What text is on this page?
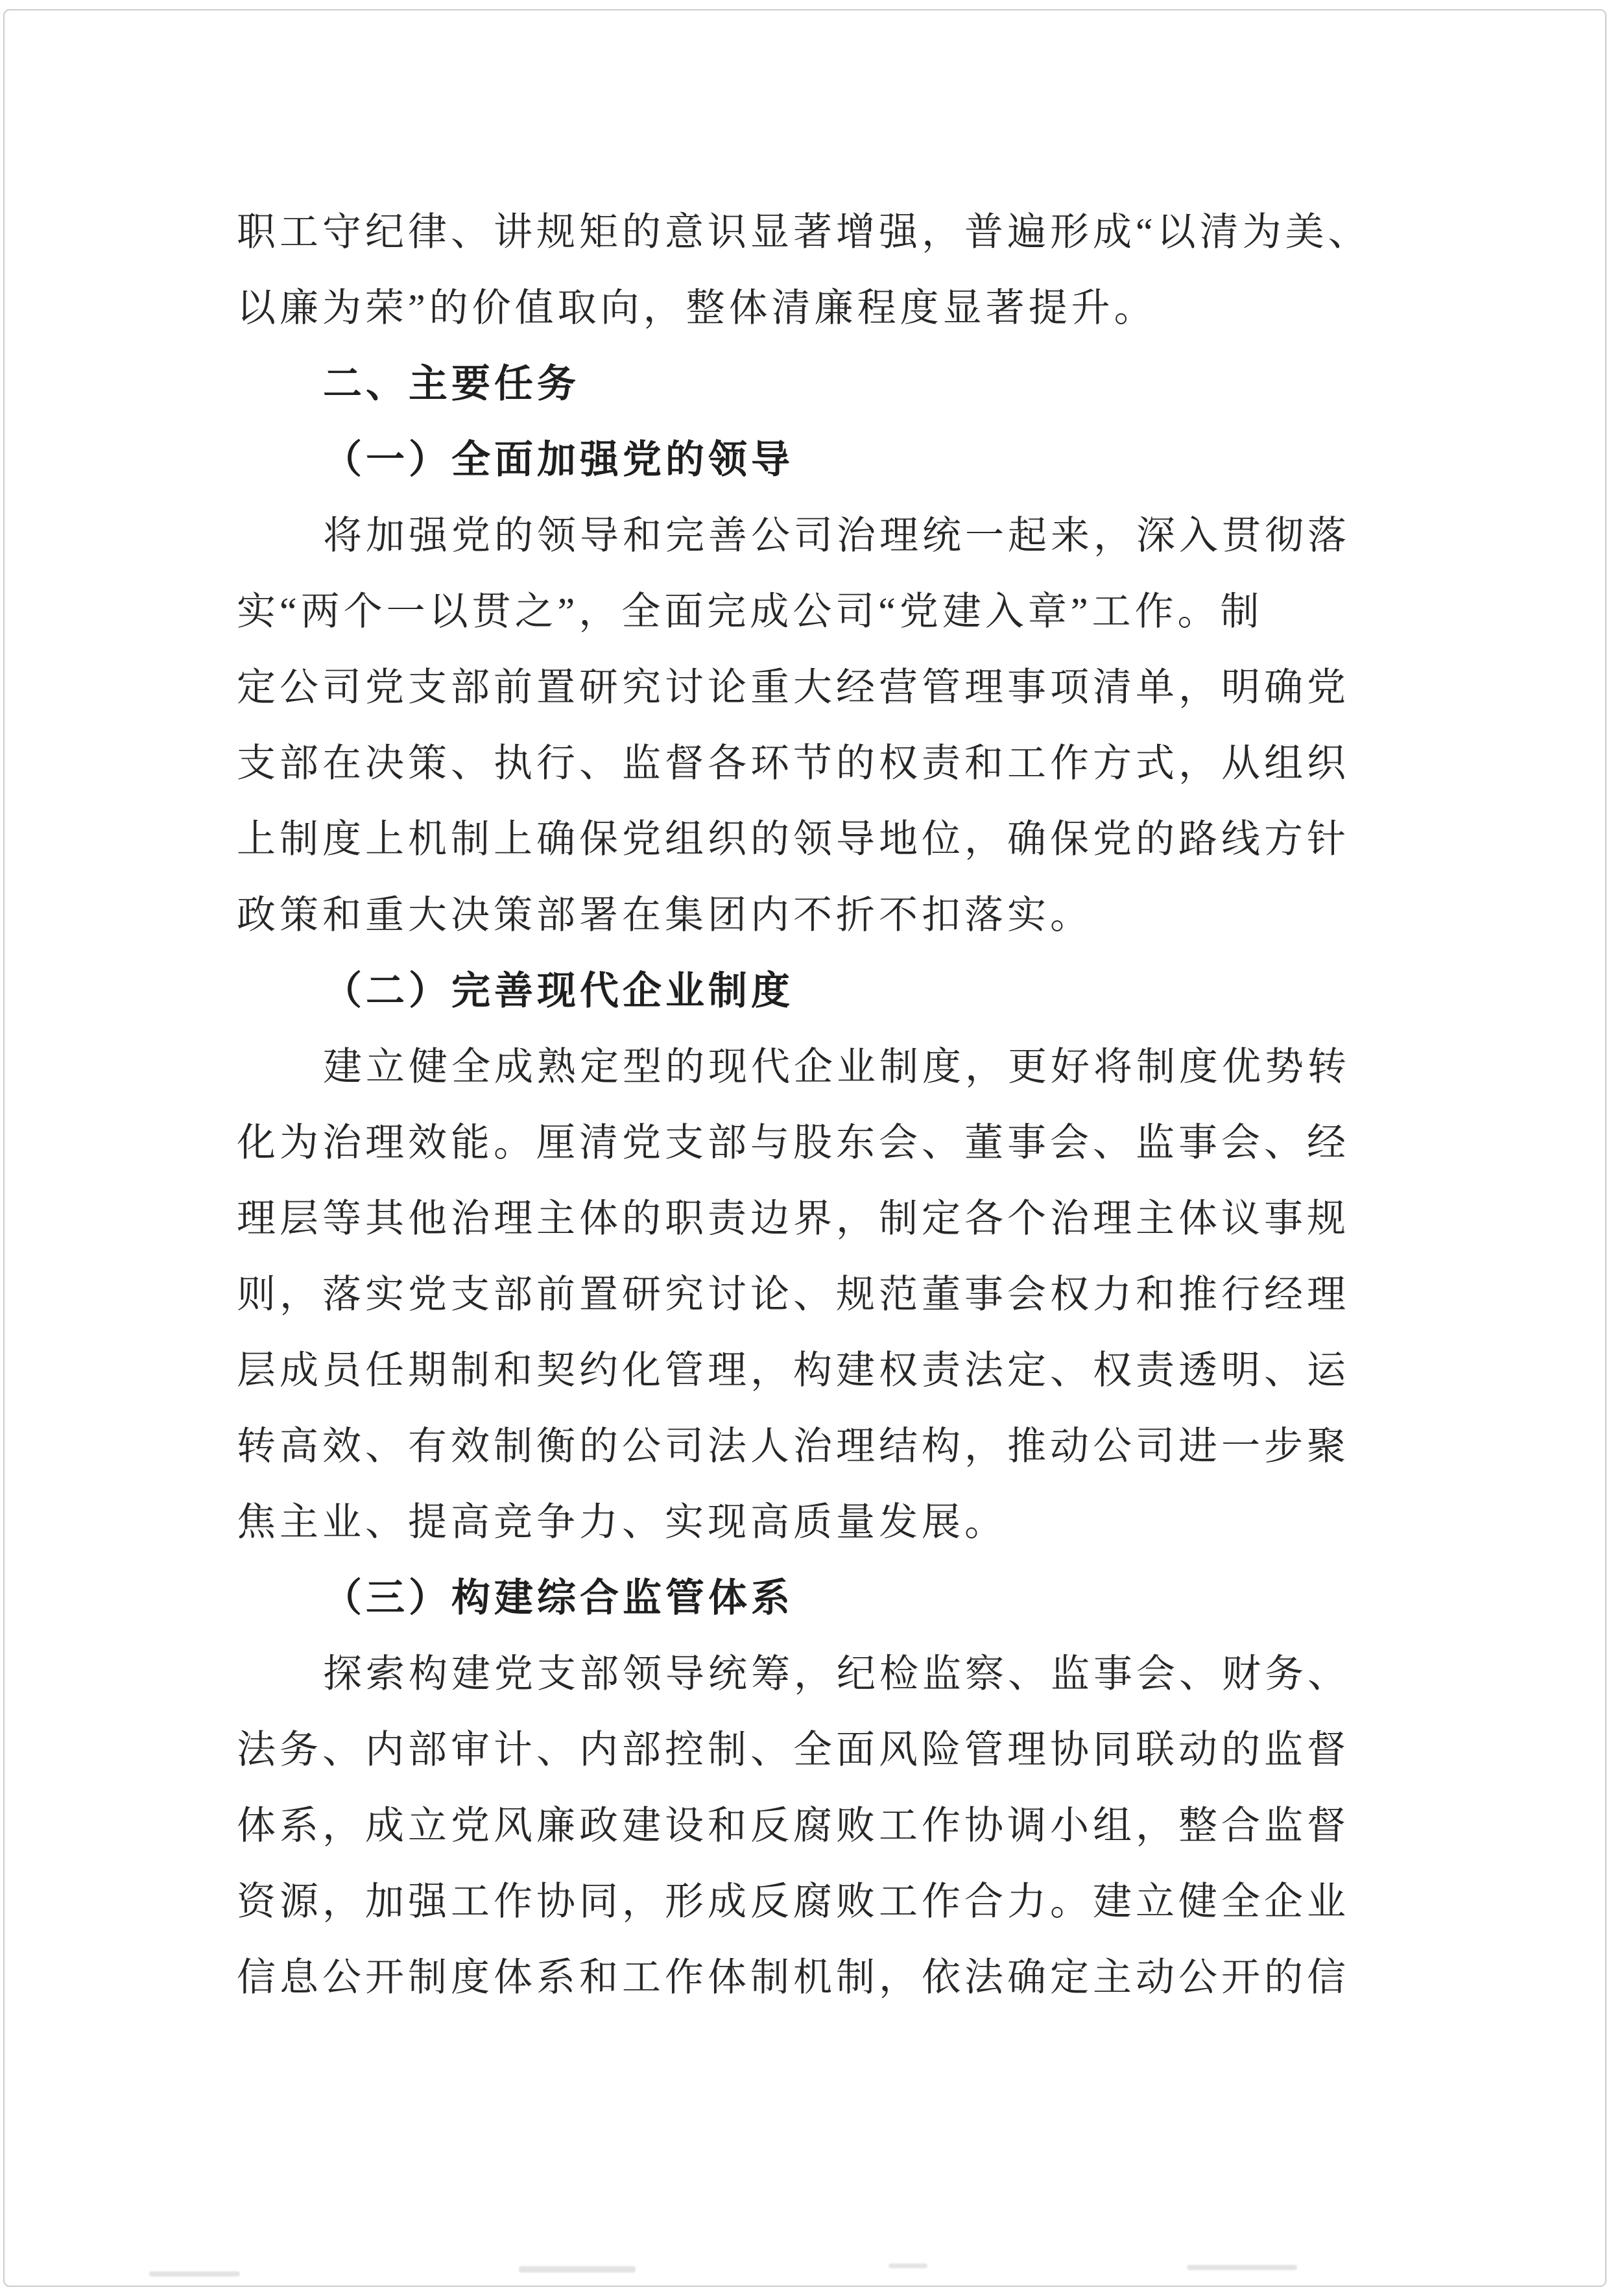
职工守纪律、讲规矩的意识显著增强，普遍形成“以清为美、
以廉为荣”的价值取向，整体清廉程度显著提升。
二、主要任务
（一）全面加强党的领导
将加强党的领导和完善公司治理统一起来，深入贯彻落
实“两个一以贯之”，全面完成公司“党建入章”工作。制
定公司党支部前置研究讨论重大经营管理事项清单，明确党
支部在决策、执行、监督各环节的权责和工作方式，从组织
上制度上机制上确保党组织的领导地位，确保党的路线方针
政策和重大决策部署在集团内不折不扣落实。
（二）完善现代企业制度
建立健全成熟定型的现代企业制度，更好将制度优势转
化为治理效能。厘清党支部与股东会、董事会、监事会、经
理层等其他治理主体的职责边界，制定各个治理主体议事规
则，落实党支部前置研究讨论、规范董事会权力和推行经理
层成员任期制和契约化管理，构建权责法定、权责透明、运
转高效、有效制衡的公司法人治理结构，推动公司进一步聚
焦主业、提高竞争力、实现高质量发展。
（三）构建综合监管体系
探索构建党支部领导统筹，纪检监察、监事会、财务、
法务、内部审计、内部控制、全面风险管理协同联动的监督
体系，成立党风廉政建设和反腐败工作协调小组，整合监督
资源，加强工作协同，形成反腐败工作合力。建立健全企业
信息公开制度体系和工作体制机制，依法确定主动公开的信
